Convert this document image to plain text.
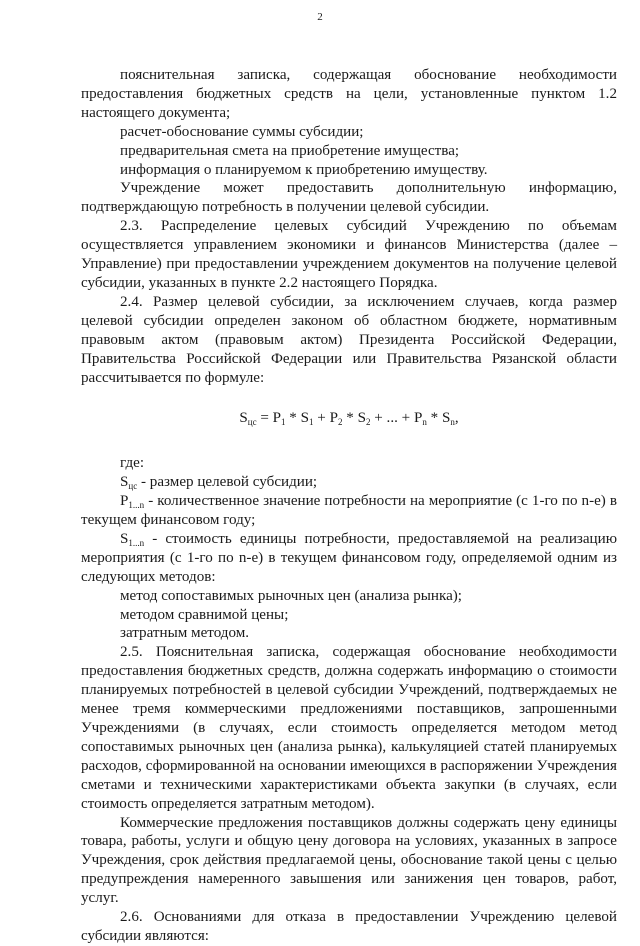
2

пояснительная записка, содержащая обоснование необходимости предоставления бюджетных средств на цели, установленные пунктом 1.2 настоящего документа;

расчет-обоснование суммы субсидии;

предварительная смета на приобретение имущества;

информация о планируемом к приобретению имуществу.

Учреждение может предоставить дополнительную информацию, подтверждающую потребность в получении целевой субсидии.

2.3. Распределение целевых субсидий Учреждению по объемам осуществляется управлением экономики и финансов Министерства (далее – Управление) при предоставлении учреждением документов на получение целевой субсидии, указанных в пункте 2.2 настоящего Порядка.

2.4. Размер целевой субсидии, за исключением случаев, когда размер целевой субсидии определен законом об областном бюджете, нормативным правовым актом (правовым актом) Президента Российской Федерации, Правительства Российской Федерации или Правительства Рязанской области рассчитывается по формуле:

$S_{цс} = P_1 * S_1 + P_2 * S_2$ + ... + $P_n * S_n$,

где:

$S_{цс}$ - размер целевой субсидии;

$P_{1...n}$ - количественное значение потребности на мероприятие (с 1-го по n-е) в текущем финансовом году;

$S_{1...n}$ - стоимость единицы потребности, предоставляемой на реализацию мероприятия (с 1-го по n-е) в текущем финансовом году, определяемой одним из следующих методов:

метод сопоставимых рыночных цен (анализа рынка);

методом сравнимой цены;

затратным методом.

2.5. Пояснительная записка, содержащая обоснование необходимости предоставления бюджетных средств, должна содержать информацию о стоимости планируемых потребностей в целевой субсидии Учреждений, подтверждаемых не менее тремя коммерческими предложениями поставщиков, запрошенными Учреждениями (в случаях, если стоимость определяется методом метод сопоставимых рыночных цен (анализа рынка), калькуляцией статей планируемых расходов, сформированной на основании имеющихся в распоряжении Учреждения сметами и техническими характеристиками объекта закупки (в случаях, если стоимость определяется затратным методом).

Коммерческие предложения поставщиков должны содержать цену единицы товара, работы, услуги и общую цену договора на условиях, указанных в запросе Учреждения, срок действия предлагаемой цены, обоснование такой цены с целью предупреждения намеренного завышения или занижения цен товаров, работ, услуг.

2.6. Основаниями для отказа в предоставлении Учреждению целевой субсидии являются:
